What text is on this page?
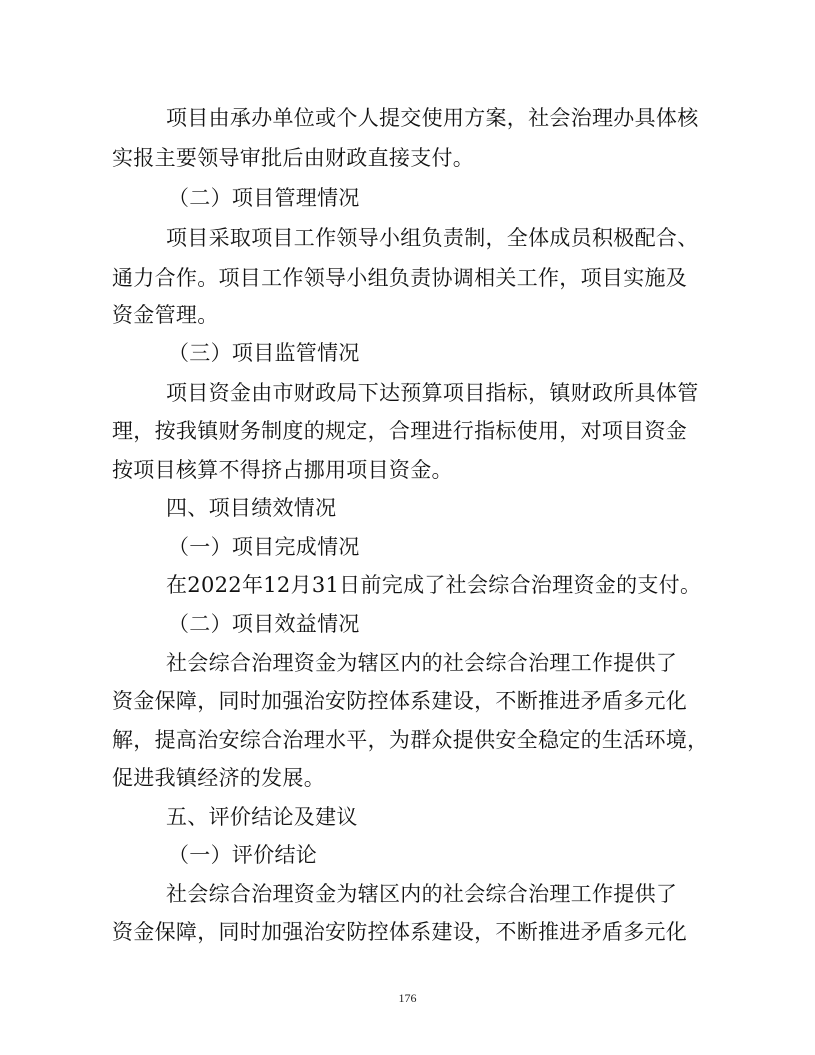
项目由承办单位或个人提交使用方案，社会治理办具体核
实报主要领导审批后由财政直接支付。
（二）项目管理情况
项目采取项目工作领导小组负责制，全体成员积极配合、
通力合作。项目工作领导小组负责协调相关工作，项目实施及
资金管理。
（三）项目监管情况
项目资金由市财政局下达预算项目指标，镇财政所具体管
理，按我镇财务制度的规定，合理进行指标使用，对项目资金
按项目核算不得挤占挪用项目资金。
四、项目绩效情况
（一）项目完成情况
在2022年12月31日前完成了社会综合治理资金的支付。
（二）项目效益情况
社会综合治理资金为辖区内的社会综合治理工作提供了
资金保障，同时加强治安防控体系建设，不断推进矛盾多元化
解，提高治安综合治理水平，为群众提供安全稳定的生活环境，
促进我镇经济的发展。
五、评价结论及建议
（一）评价结论
社会综合治理资金为辖区内的社会综合治理工作提供了
资金保障，同时加强治安防控体系建设，不断推进矛盾多元化
176
